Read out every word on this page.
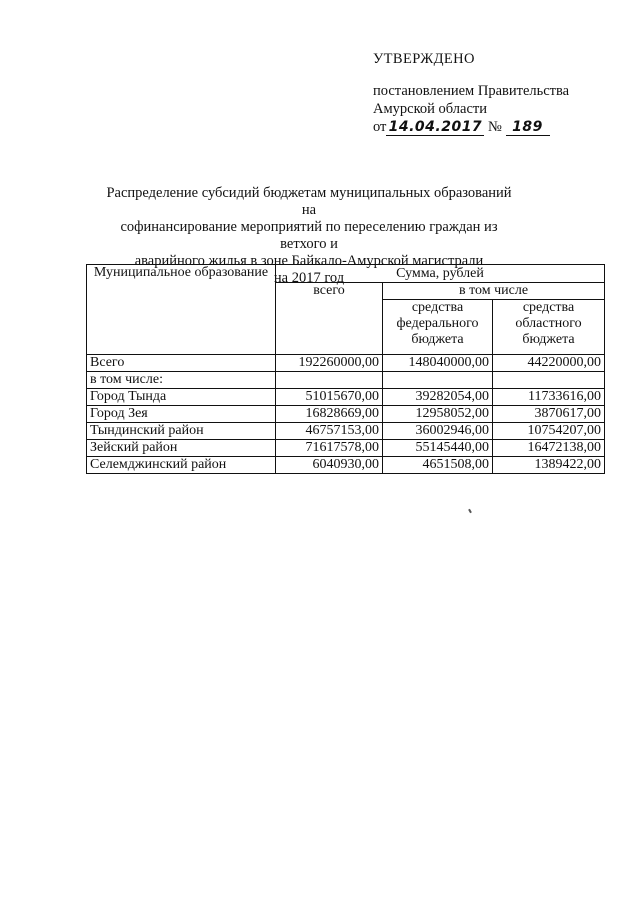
УТВЕРЖДЕНО
постановлением Правительства
Амурской области
от 14.04.2017 № 189
Распределение субсидий бюджетам муниципальных образований на
софинансирование мероприятий по переселению граждан из ветхого и
аварийного жилья в зоне Байкало-Амурской магистрали
на 2017 год
Муниципальное образование	Сумма, рублей		
	всего	в том числе	
		средства федерального бюджета	средства областного бюджета
Всего	192260000,00	148040000,00	44220000,00
в том числе:			
Город Тында	51015670,00	39282054,00	11733616,00
Город Зея	16828669,00	12958052,00	3870617,00
Тындинский район	46757153,00	36002946,00	10754207,00
Зейский район	71617578,00	55145440,00	16472138,00
Селемджинский район	6040930,00	4651508,00	1389422,00
